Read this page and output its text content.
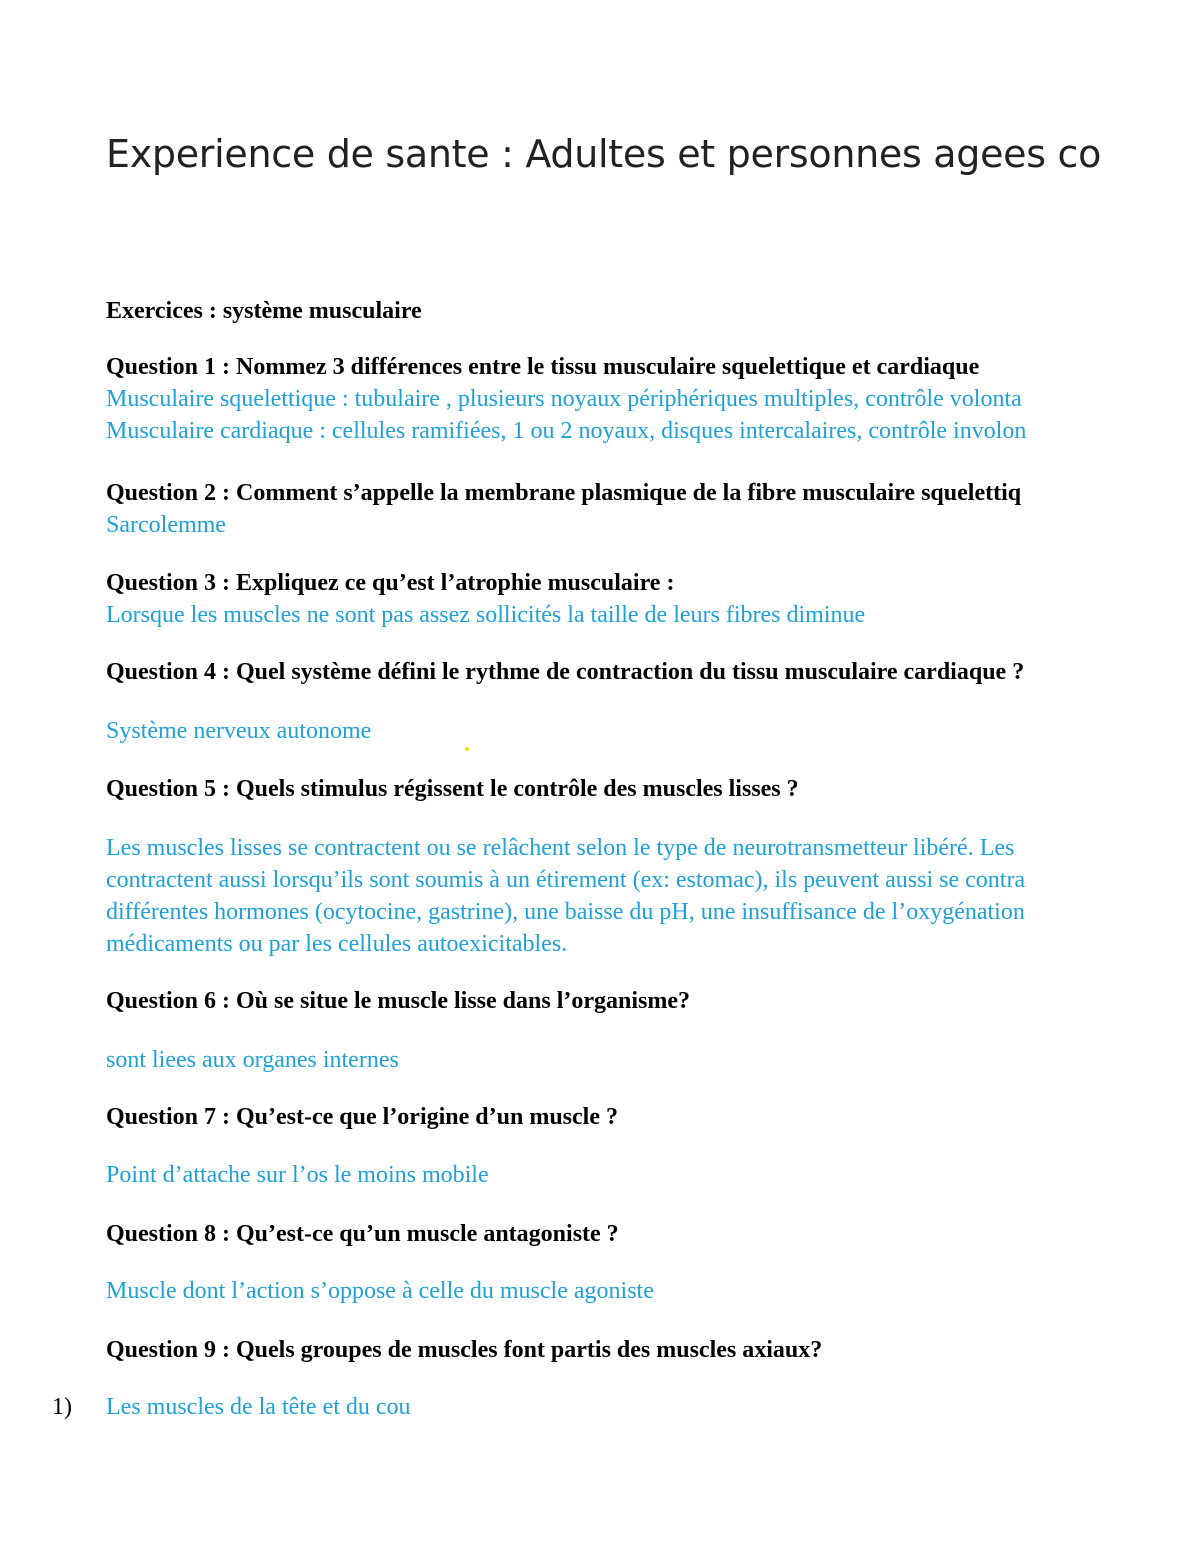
Experience de sante : Adultes et personnes agees co
Exercices : système musculaire
Question 1 : Nommez 3 différences entre le tissu musculaire squelettique et cardiaque
Musculaire squelettique : tubulaire , plusieurs noyaux périphériques multiples, contrôle volonta
Musculaire cardiaque : cellules ramifiées, 1 ou 2 noyaux, disques intercalaires, contrôle involon
Question 2 : Comment s’appelle la membrane plasmique de la fibre musculaire squelettiq
Sarcolemme
Question 3 : Expliquez ce qu’est l’atrophie musculaire :
Lorsque les muscles ne sont pas assez sollicités la taille de leurs fibres diminue
Question 4 : Quel système défini le rythme de contraction du tissu musculaire cardiaque ?
Système nerveux autonome
Question 5 : Quels stimulus régissent le contrôle des muscles lisses ?
Les muscles lisses se contractent ou se relâchent selon le type de neurotransmetteur libéré. Les
contractent aussi lorsqu’ils sont soumis à un étirement (ex: estomac), ils peuvent aussi se contra
différentes hormones (ocytocine, gastrine), une baisse du pH, une insuffisance de l’oxygénation
médicaments ou par les cellules autoexicitables.
Question 6 : Où se situe le muscle lisse dans l’organisme?
sont liees aux organes internes
Question 7 : Qu’est-ce que l’origine d’un muscle ?
Point d’attache sur l’os le moins mobile
Question 8 : Qu’est-ce qu’un muscle antagoniste ?
Muscle dont l’action s’oppose à celle du muscle agoniste
Question 9 : Quels groupes de muscles font partis des muscles axiaux?
1) Les muscles de la tête et du cou
